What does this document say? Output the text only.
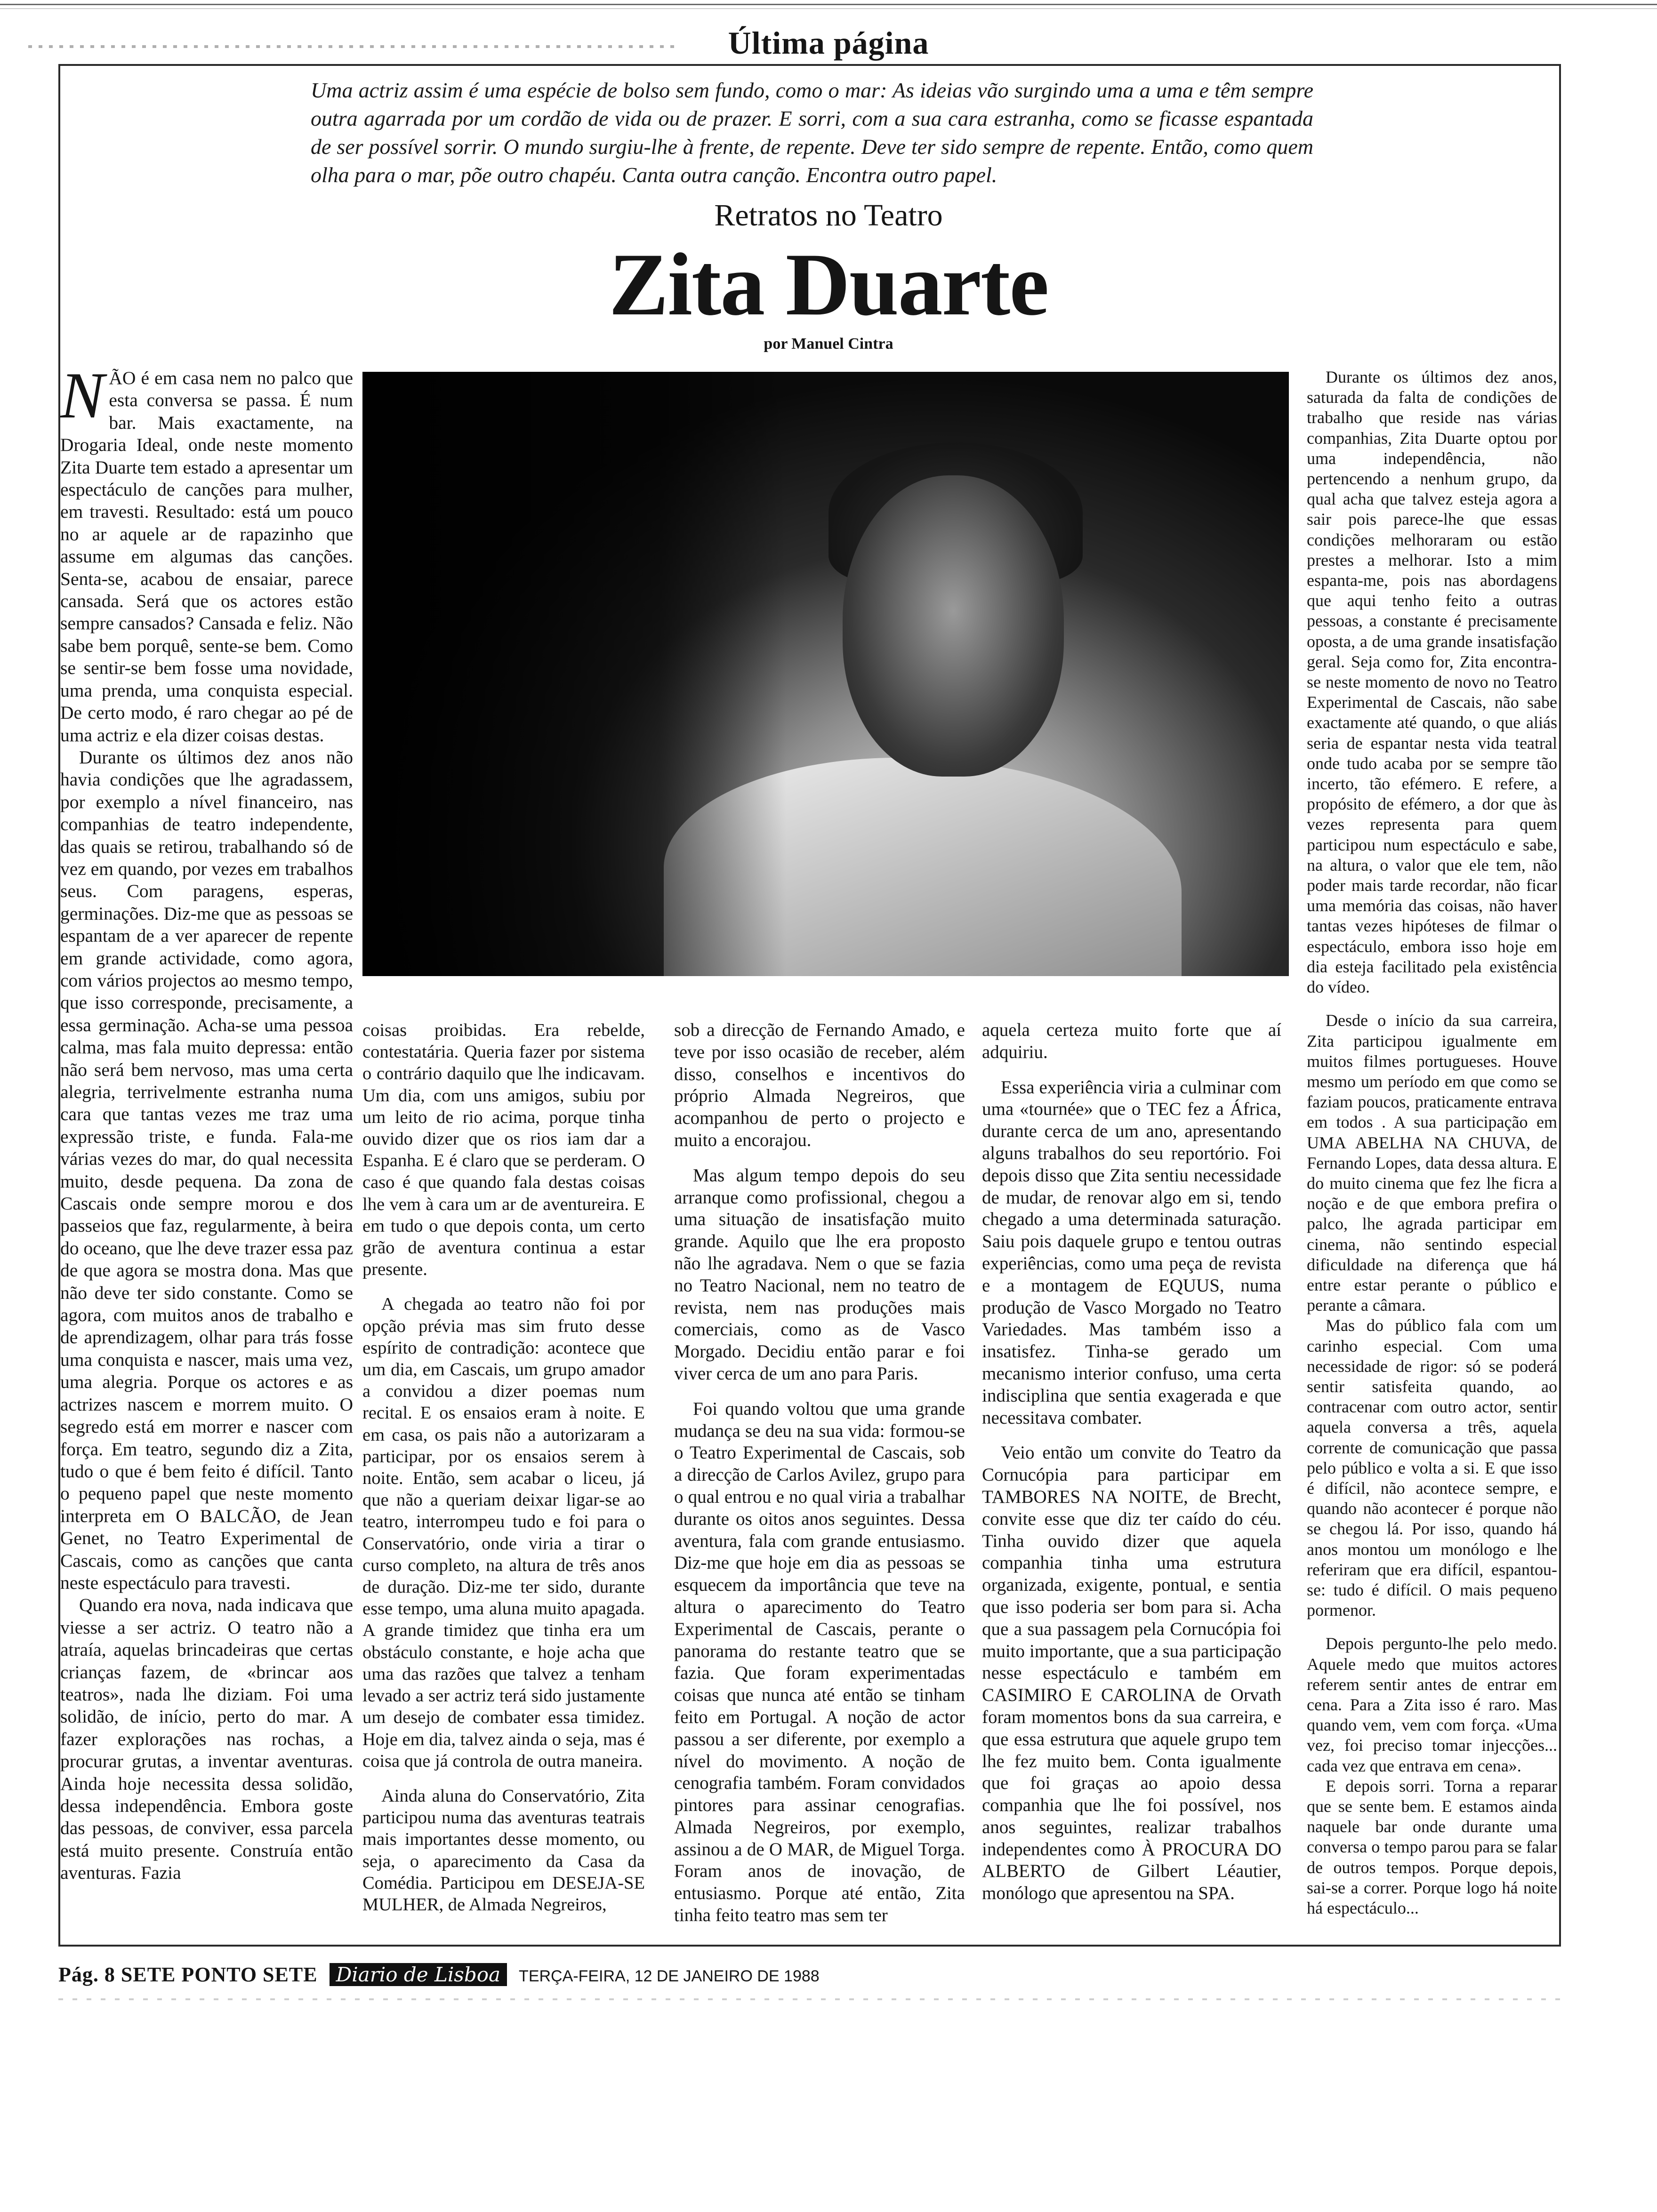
Última página
Uma actriz assim é uma espécie de bolso sem fundo, como o mar: As ideias vão surgindo uma a uma e têm sempre outra agarrada por um cordão de vida ou de prazer. E sorri, com a sua cara estranha, como se ficasse espantada de ser possível sorrir. O mundo surgiu-lhe à frente, de repente. Deve ter sido sempre de repente. Então, como quem olha para o mar, põe outro chapéu. Canta outra canção. Encontra outro papel.
Retratos no Teatro
Zita Duarte
por Manuel Cintra
N ÃO é em casa nem no palco que esta conversa se passa. É num bar. Mais exactamente, na Drogaria Ideal, onde neste momento Zita Duarte tem estado a apresentar um espectáculo de canções para mulher, em travesti. Resultado: está um pouco no ar aquele ar de rapazinho que assume em algumas das canções. Senta-se, acabou de ensaiar, parece cansada. Será que os actores estão sempre cansados? Cansada e feliz. Não sabe bem porquê, sente-se bem. Como se sentir-se bem fosse uma novidade, uma prenda, uma conquista especial. De certo modo, é raro chegar ao pé de uma actriz e ela dizer coisas destas.

Durante os últimos dez anos não havia condições que lhe agradassem, por exemplo a nível financeiro, nas companhias de teatro independente, das quais se retirou, trabalhando só de vez em quando, por vezes em trabalhos seus. Com paragens, esperas, germinações. Diz-me que as pessoas se espantam de a ver aparecer de repente em grande actividade, como agora, com vários projectos ao mesmo tempo, que isso corresponde, precisamente, a essa germinação. Acha-se uma pessoa calma, mas fala muito depressa: então não será bem nervoso, mas uma certa alegria, terrivelmente estranha numa cara que tantas vezes me traz uma expressão triste, e funda. Fala-me várias vezes do mar, do qual necessita muito, desde pequena. Da zona de Cascais onde sempre morou e dos passeios que faz, regularmente, à beira do oceano, que lhe deve trazer essa paz de que agora se mostra dona. Mas que não deve ter sido constante. Como se agora, com muitos anos de trabalho e de aprendizagem, olhar para trás fosse uma conquista e nascer, mais uma vez, uma alegria. Porque os actores e as actrizes nascem e morrem muito. O segredo está em morrer e nascer com força. Em teatro, segundo diz a Zita, tudo o que é bem feito é difícil. Tanto o pequeno papel que neste momento interpreta em O BALCÃO, de Jean Genet, no Teatro Experimental de Cascais, como as canções que canta neste espectáculo para travesti.

Quando era nova, nada indicava que viesse a ser actriz. O teatro não a atraía, aquelas brincadeiras que certas crianças fazem, de «brincar aos teatros», nada lhe diziam. Foi uma solidão, de início, perto do mar. A fazer explorações nas rochas, a procurar grutas, a inventar aventuras. Ainda hoje necessita dessa solidão, dessa independência. Embora goste das pessoas, de conviver, essa parcela está muito presente. Construía então aventuras. Fazia

coisas proibidas. Era rebelde, contestatária. Queria fazer por sistema o contrário daquilo que lhe indicavam. Um dia, com uns amigos, subiu por um leito de rio acima, porque tinha ouvido dizer que os rios iam dar a Espanha. E é claro que se perderam. O caso é que quando fala destas coisas lhe vem à cara um ar de aventureira. E em tudo o que depois conta, um certo grão de aventura continua a estar presente.

A chegada ao teatro não foi por opção prévia mas sim fruto desse espírito de contradição: acontece que um dia, em Cascais, um grupo amador a convidou a dizer poemas num recital. E os ensaios eram à noite. E em casa, os pais não a autorizaram a participar, por os ensaios serem à noite. Então, sem acabar o liceu, já que não a queriam deixar ligar-se ao teatro, interrompeu tudo e foi para o Conservatório, onde viria a tirar o curso completo, na altura de três anos de duração. Diz-me ter sido, durante esse tempo, uma aluna muito apagada. A grande timidez que tinha era um obstáculo constante, e hoje acha que uma das razões que talvez a tenham levado a ser actriz terá sido justamente um desejo de combater essa timidez. Hoje em dia, talvez ainda o seja, mas é coisa que já controla de outra maneira.

Ainda aluna do Conservatório, Zita participou numa das aventuras teatrais mais importantes desse momento, ou seja, o aparecimento da Casa da Comédia. Participou em DESEJA-SE MULHER, de Almada Negreiros,

sob a direcção de Fernando Amado, e teve por isso ocasião de receber, além disso, conselhos e incentivos do próprio Almada Negreiros, que acompanhou de perto o projecto e muito a encorajou.

Mas algum tempo depois do seu arranque como profissional, chegou a uma situação de insatisfação muito grande. Aquilo que lhe era proposto não lhe agradava. Nem o que se fazia no Teatro Nacional, nem no teatro de revista, nem nas produções mais comerciais, como as de Vasco Morgado. Decidiu então parar e foi viver cerca de um ano para Paris.

Foi quando voltou que uma grande mudança se deu na sua vida: formou-se o Teatro Experimental de Cascais, sob a direcção de Carlos Avilez, grupo para o qual entrou e no qual viria a trabalhar durante os oitos anos seguintes. Dessa aventura, fala com grande entusiasmo. Diz-me que hoje em dia as pessoas se esquecem da importância que teve na altura o aparecimento do Teatro Experimental de Cascais, perante o panorama do restante teatro que se fazia. Que foram experimentadas coisas que nunca até então se tinham feito em Portugal. A noção de actor passou a ser diferente, por exemplo a nível do movimento. A noção de cenografia também. Foram convidados pintores para assinar cenografias. Almada Negreiros, por exemplo, assinou a de O MAR, de Miguel Torga. Foram anos de inovação, de entusiasmo. Porque até então, Zita tinha feito teatro mas sem ter

aquela certeza muito forte que aí adquiriu.

Essa experiência viria a culminar com uma «tournée» que o TEC fez a África, durante cerca de um ano, apresentando alguns trabalhos do seu reportório. Foi depois disso que Zita sentiu necessidade de mudar, de renovar algo em si, tendo chegado a uma determinada saturação. Saiu pois daquele grupo e tentou outras experiências, como uma peça de revista e a montagem de EQUUS, numa produção de Vasco Morgado no Teatro Variedades. Mas também isso a insatisfez. Tinha-se gerado um mecanismo interior confuso, uma certa indisciplina que sentia exagerada e que necessitava combater.

Veio então um convite do Teatro da Cornucópia para participar em TAMBORES NA NOITE, de Brecht, convite esse que diz ter caído do céu. Tinha ouvido dizer que aquela companhia tinha uma estrutura organizada, exigente, pontual, e sentia que isso poderia ser bom para si. Acha que a sua passagem pela Cornucópia foi muito importante, que a sua participação nesse espectáculo e também em CASIMIRO E CAROLINA de Orvath foram momentos bons da sua carreira, e que essa estrutura que aquele grupo tem lhe fez muito bem. Conta igualmente que foi graças ao apoio dessa companhia que lhe foi possível, nos anos seguintes, realizar trabalhos independentes como À PROCURA DO ALBERTO de Gilbert Léautier, monólogo que apresentou na SPA.

Durante os últimos dez anos, saturada da falta de condições de trabalho que reside nas várias companhias, Zita Duarte optou por uma independência, não pertencendo a nenhum grupo, da qual acha que talvez esteja agora a sair pois parece-lhe que essas condições melhoraram ou estão prestes a melhorar. Isto a mim espanta-me, pois nas abordagens que aqui tenho feito a outras pessoas, a constante é precisamente oposta, a de uma grande insatisfação geral. Seja como for, Zita encontra-se neste momento de novo no Teatro Experimental de Cascais, não sabe exactamente até quando, o que aliás seria de espantar nesta vida teatral onde tudo acaba por se sempre tão incerto, tão efémero. E refere, a propósito de efémero, a dor que às vezes representa para quem participou num espectáculo e sabe, na altura, o valor que ele tem, não poder mais tarde recordar, não ficar uma memória das coisas, não haver tantas vezes hipóteses de filmar o espectáculo, embora isso hoje em dia esteja facilitado pela existência do vídeo.

Desde o início da sua carreira, Zita participou igualmente em muitos filmes portugueses. Houve mesmo um período em que como se faziam poucos, praticamente entrava em todos . A sua participação em UMA ABELHA NA CHUVA, de Fernando Lopes, data dessa altura. E do muito cinema que fez lhe ficra a noção e de que embora prefira o palco, lhe agrada participar em cinema, não sentindo especial dificuldade na diferença que há entre estar perante o público e perante a câmara.

Mas do público fala com um carinho especial. Com uma necessidade de rigor: só se poderá sentir satisfeita quando, ao contracenar com outro actor, sentir aquela conversa a três, aquela corrente de comunicação que passa pelo público e volta a si. E que isso é difícil, não acontece sempre, e quando não acontecer é porque não se chegou lá. Por isso, quando há anos montou um monólogo e lhe referiram que era difícil, espantou-se: tudo é difícil. O mais pequeno pormenor.

Depois pergunto-lhe pelo medo. Aquele medo que muitos actores referem sentir antes de entrar em cena. Para a Zita isso é raro. Mas quando vem, vem com força. «Uma vez, foi preciso tomar injecções... cada vez que entrava em cena».

E depois sorri. Torna a reparar que se sente bem. E estamos ainda naquele bar onde durante uma conversa o tempo parou para se falar de outros tempos. Porque depois, sai-se a correr. Porque logo há noite há espectáculo...

Pág. 8 SETE PONTO SETE Diario de Lisboa TERÇA-FEIRA, 12 DE JANEIRO DE 1988
